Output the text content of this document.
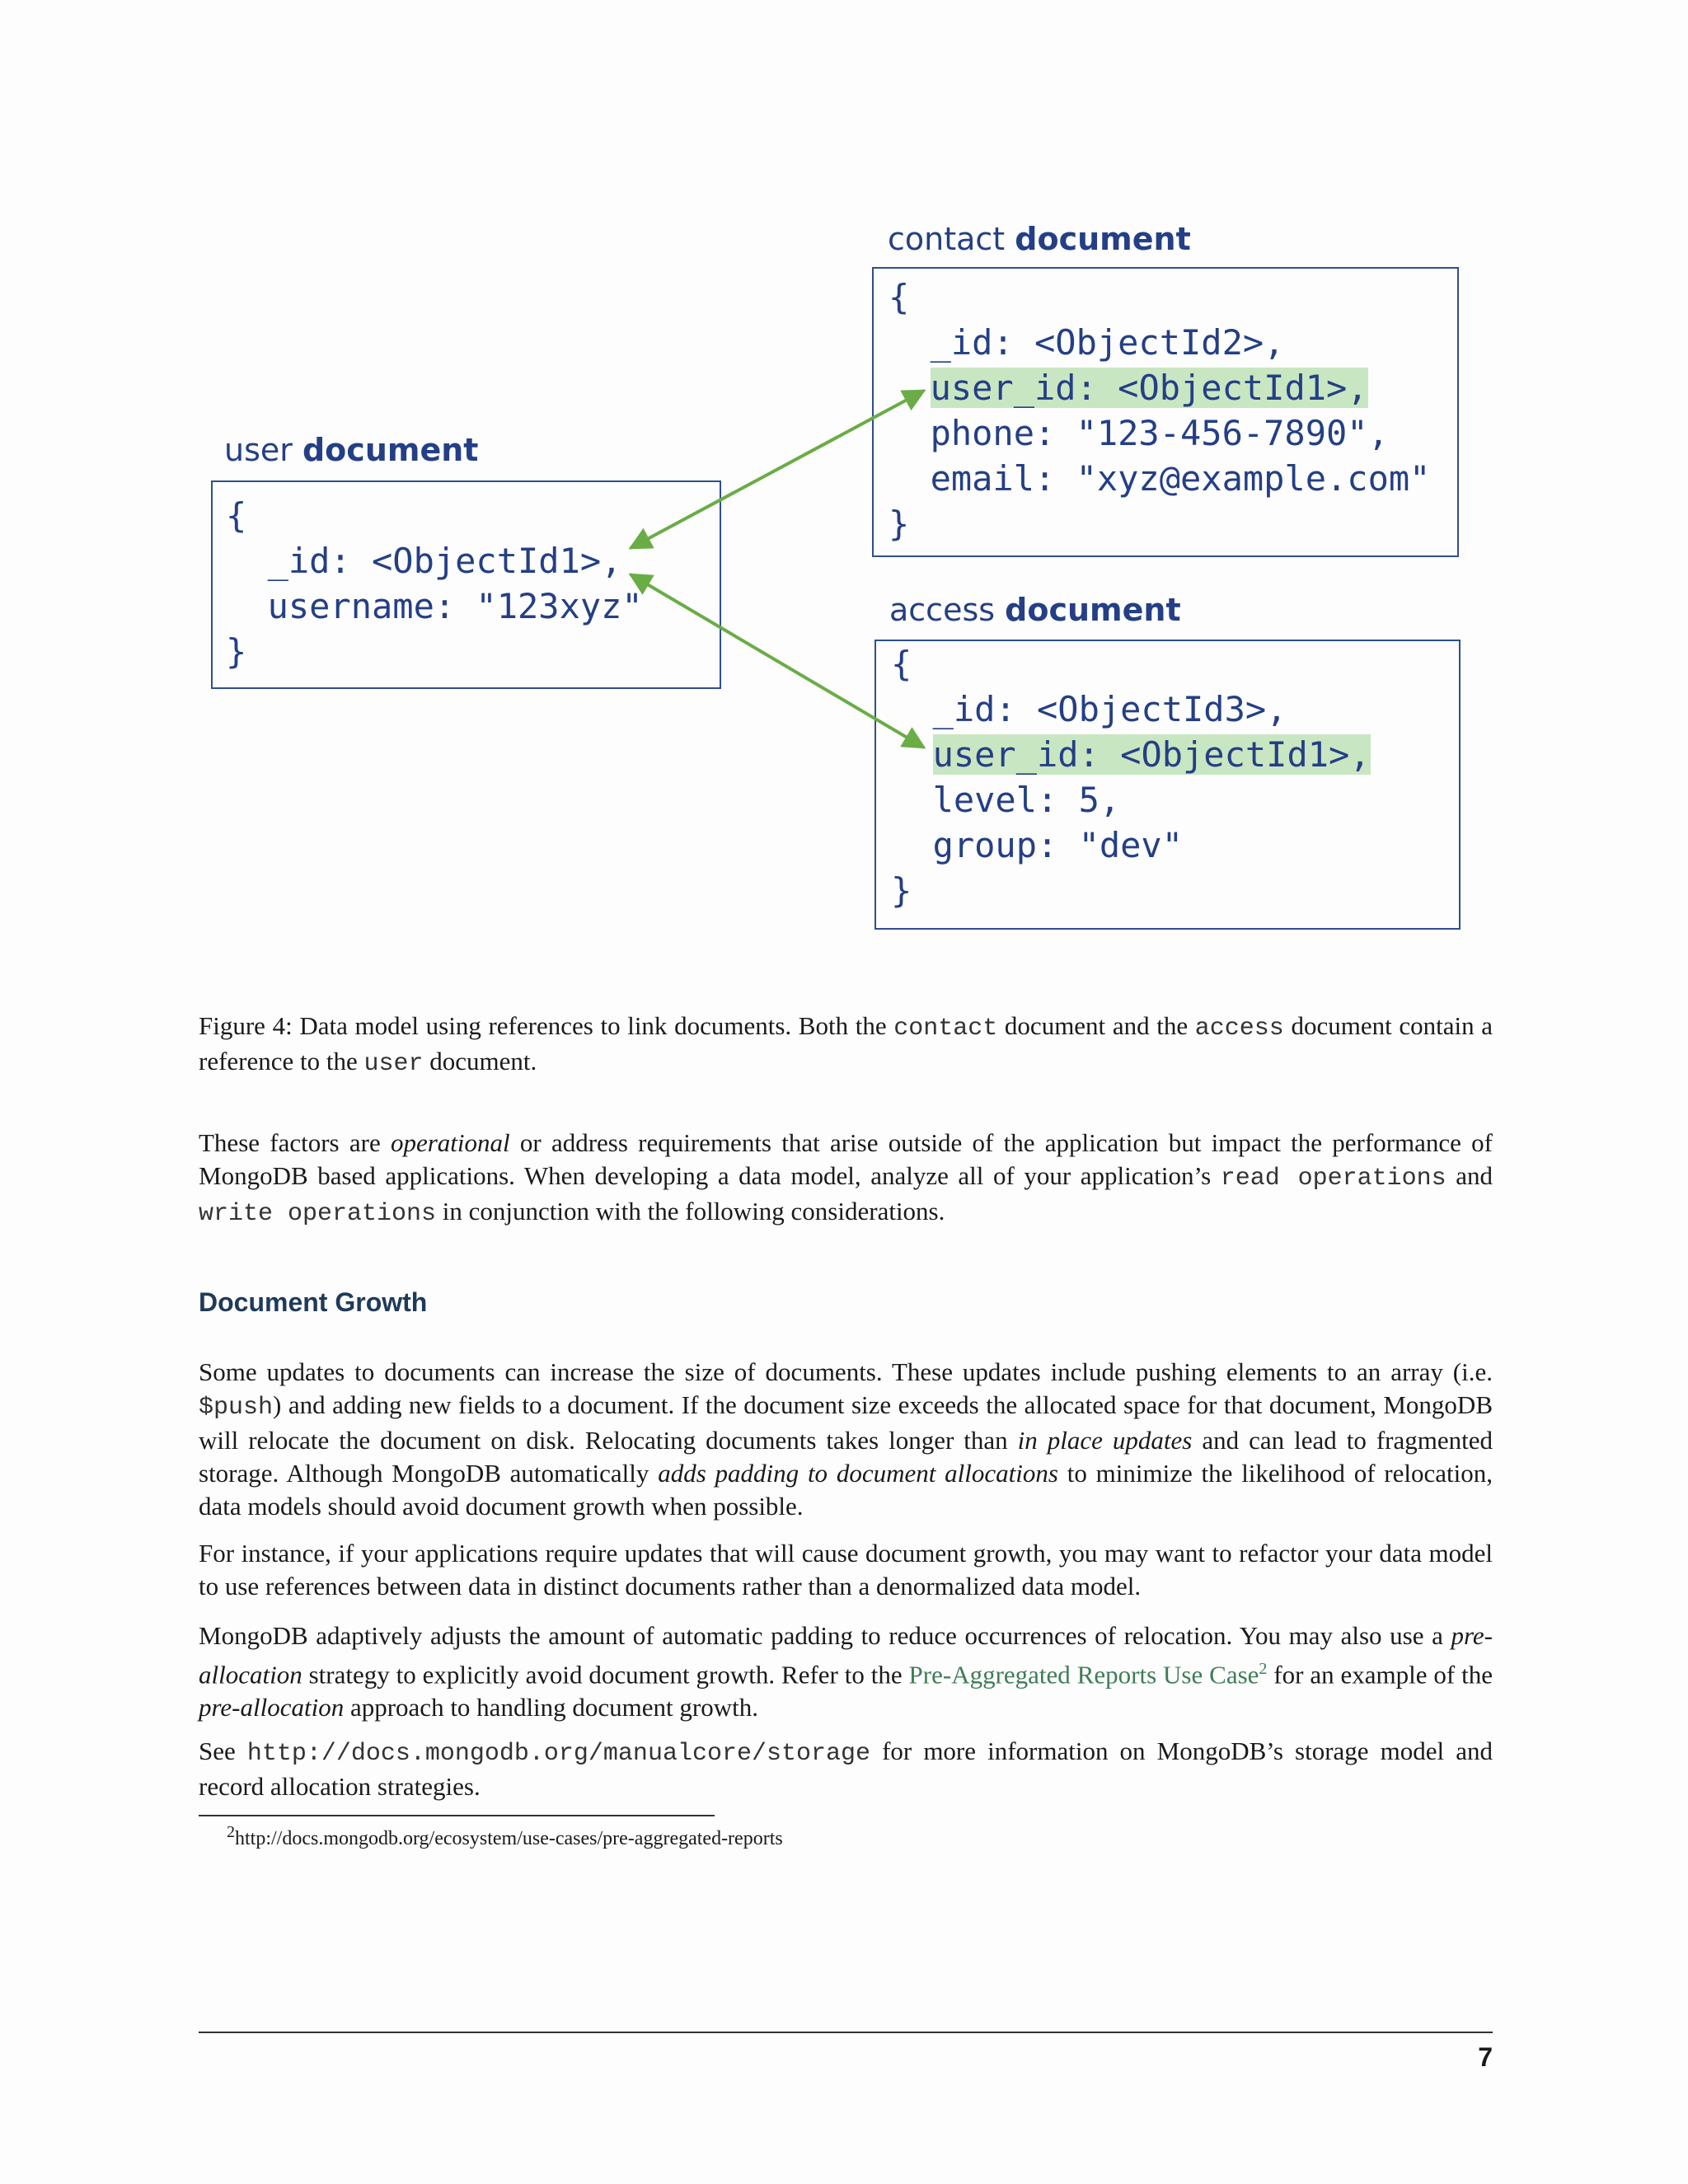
contact document
{
_id: <ObjectId2>,
user_id: <ObjectId1>,
phone: "123-456-7890",
email: "xyz@example.com"
}
user document
{
_id: <ObjectId1>,
username: "123xyz"
}
access document
{
_id: <ObjectId3>,
user_id: <ObjectId1>,
level: 5,
group: "dev"
}
Figure 4: Data model using references to link documents. Both the contact document and the access document contain a reference to the user document.
These factors are operational or address requirements that arise outside of the application but impact the performance of MongoDB based applications. When developing a data model, analyze all of your application’s read operations and write operations in conjunction with the following considerations.
Document Growth
Some updates to documents can increase the size of documents. These updates include pushing elements to an array (i.e. $push) and adding new fields to a document. If the document size exceeds the allocated space for that document, MongoDB will relocate the document on disk. Relocating documents takes longer than in place updates and can lead to fragmented storage. Although MongoDB automatically adds padding to document allocations to minimize the likelihood of relocation, data models should avoid document growth when possible.
For instance, if your applications require updates that will cause document growth, you may want to refactor your data model to use references between data in distinct documents rather than a denormalized data model.
MongoDB adaptively adjusts the amount of automatic padding to reduce occurrences of relocation. You may also use a pre-allocation strategy to explicitly avoid document growth. Refer to the Pre-Aggregated Reports Use Case$^2$ for an example of the pre-allocation approach to handling document growth.
See http://docs.mongodb.org/manualcore/storage for more information on MongoDB’s storage model and record allocation strategies.
$^2$http://docs.mongodb.org/ecosystem/use-cases/pre-aggregated-reports
7
